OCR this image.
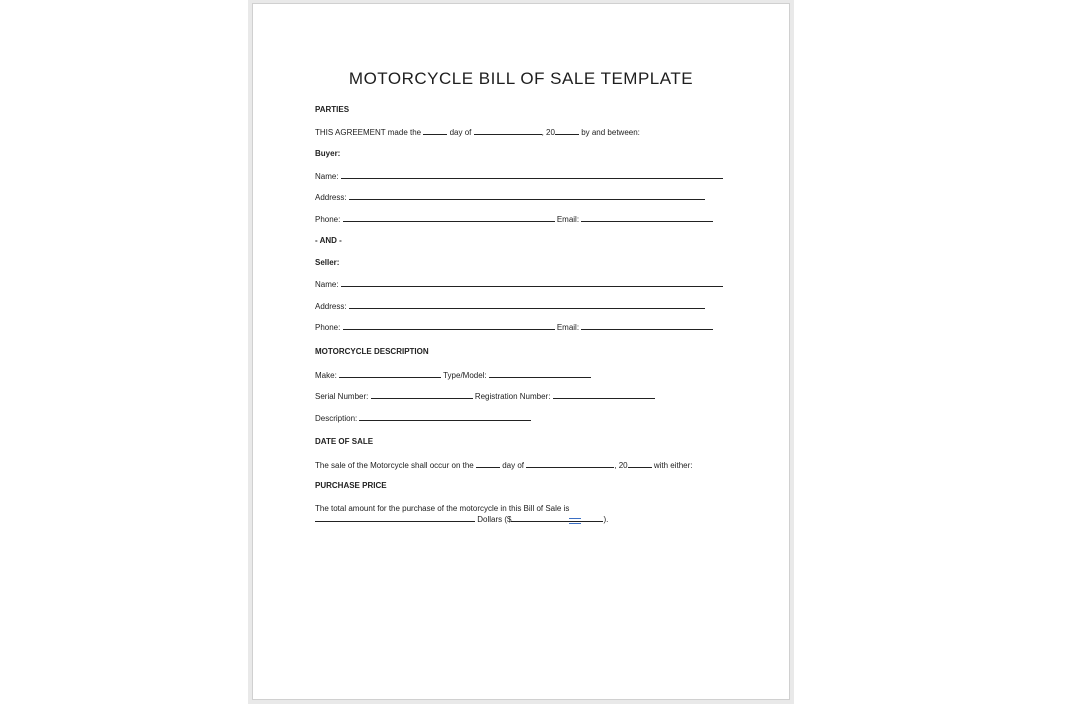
MOTORCYCLE BILL OF SALE TEMPLATE
PARTIES
THIS AGREEMENT made the	day of	, 20	by and between:
Buyer:
Name:
Address:
Phone:	Email:
- AND -
Seller:
Name:
Address:
Phone:	Email:
MOTORCYCLE DESCRIPTION
Make:	Type/Model:
Serial Number:	Registration Number:
Description:
DATE OF SALE
The sale of the Motorcycle shall occur on the	day of	, 20	with either:
PURCHASE PRICE
The total amount for the purchase of the motorcycle in this Bill of Sale is
Dollars ($	).
